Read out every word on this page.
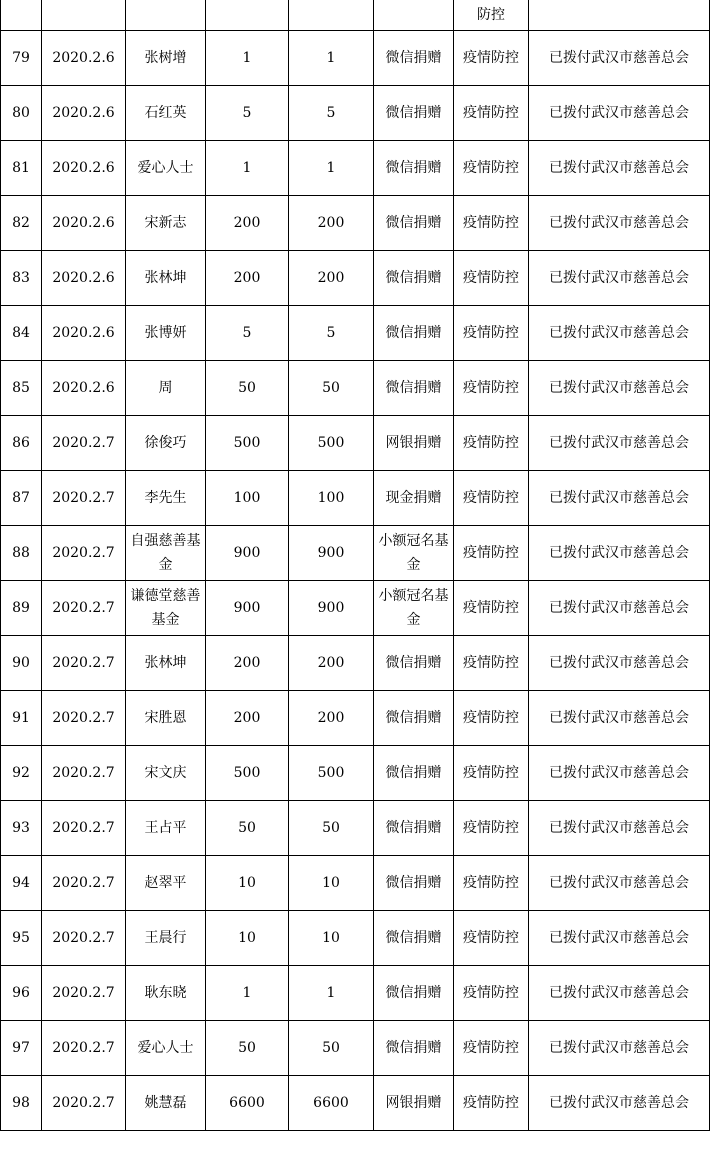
						防控	
79	2020.2.6	张树增	1	1	微信捐赠	疫情防控	已拨付武汉市慈善总会
80	2020.2.6	石红英	5	5	微信捐赠	疫情防控	已拨付武汉市慈善总会
81	2020.2.6	爱心人士	1	1	微信捐赠	疫情防控	已拨付武汉市慈善总会
82	2020.2.6	宋新志	200	200	微信捐赠	疫情防控	已拨付武汉市慈善总会
83	2020.2.6	张林坤	200	200	微信捐赠	疫情防控	已拨付武汉市慈善总会
84	2020.2.6	张博妍	5	5	微信捐赠	疫情防控	已拨付武汉市慈善总会
85	2020.2.6	周	50	50	微信捐赠	疫情防控	已拨付武汉市慈善总会
86	2020.2.7	徐俊巧	500	500	网银捐赠	疫情防控	已拨付武汉市慈善总会
87	2020.2.7	李先生	100	100	现金捐赠	疫情防控	已拨付武汉市慈善总会
88	2020.2.7	自强慈善基金	900	900	小额冠名基金	疫情防控	已拨付武汉市慈善总会
89	2020.2.7	谦德堂慈善基金	900	900	小额冠名基金	疫情防控	已拨付武汉市慈善总会
90	2020.2.7	张林坤	200	200	微信捐赠	疫情防控	已拨付武汉市慈善总会
91	2020.2.7	宋胜恩	200	200	微信捐赠	疫情防控	已拨付武汉市慈善总会
92	2020.2.7	宋文庆	500	500	微信捐赠	疫情防控	已拨付武汉市慈善总会
93	2020.2.7	王占平	50	50	微信捐赠	疫情防控	已拨付武汉市慈善总会
94	2020.2.7	赵翠平	10	10	微信捐赠	疫情防控	已拨付武汉市慈善总会
95	2020.2.7	王晨行	10	10	微信捐赠	疫情防控	已拨付武汉市慈善总会
96	2020.2.7	耿东晓	1	1	微信捐赠	疫情防控	已拨付武汉市慈善总会
97	2020.2.7	爱心人士	50	50	微信捐赠	疫情防控	已拨付武汉市慈善总会
98	2020.2.7	姚慧磊	6600	6600	网银捐赠	疫情防控	已拨付武汉市慈善总会
